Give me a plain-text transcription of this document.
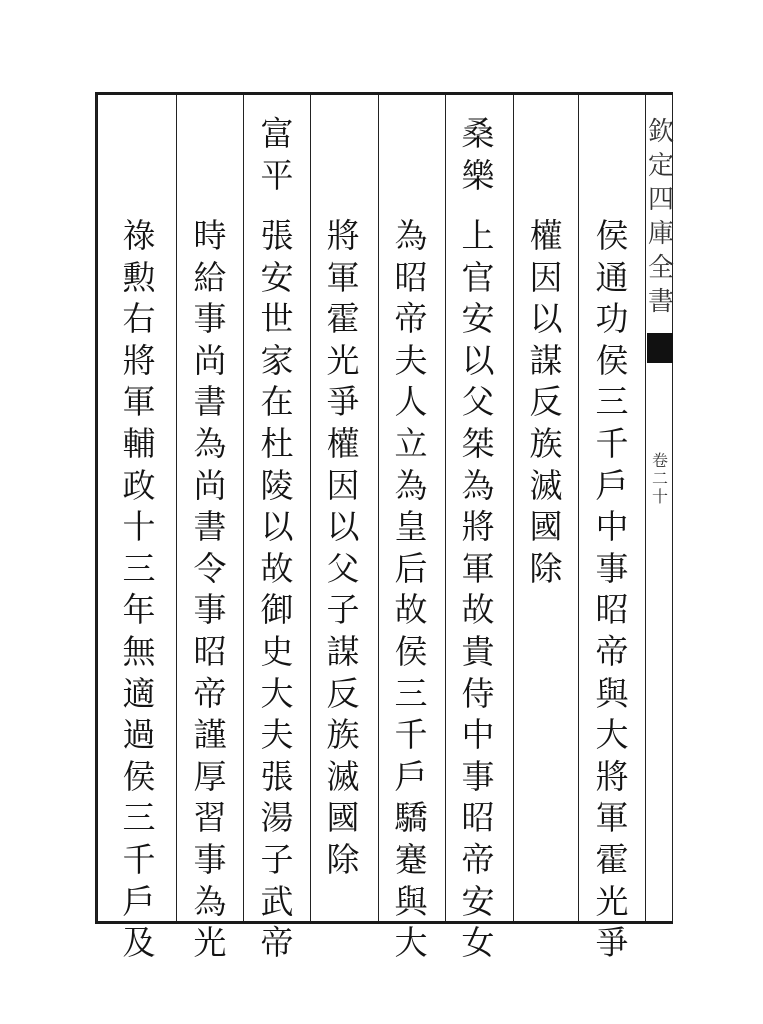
欽
定
四
庫
全
書
卷
二
十
侯
通
功
侯
三
千
戶
中
事
昭
帝
與
大
將
軍
霍
光
爭
權
因
以
謀
反
族
滅
國
除
桑
樂
上
官
安
以
父
桀
為
將
軍
故
貴
侍
中
事
昭
帝
安
女
為
昭
帝
夫
人
立
為
皇
后
故
侯
三
千
戶
驕
蹇
與
大
將
軍
霍
光
爭
權
因
以
父
子
謀
反
族
滅
國
除
富
平
張
安
世
家
在
杜
陵
以
故
御
史
大
夫
張
湯
子
武
帝
時
給
事
尚
書
為
尚
書
令
事
昭
帝
謹
厚
習
事
為
光
祿
勲
右
將
軍
輔
政
十
三
年
無
適
過
侯
三
千
戶
及
